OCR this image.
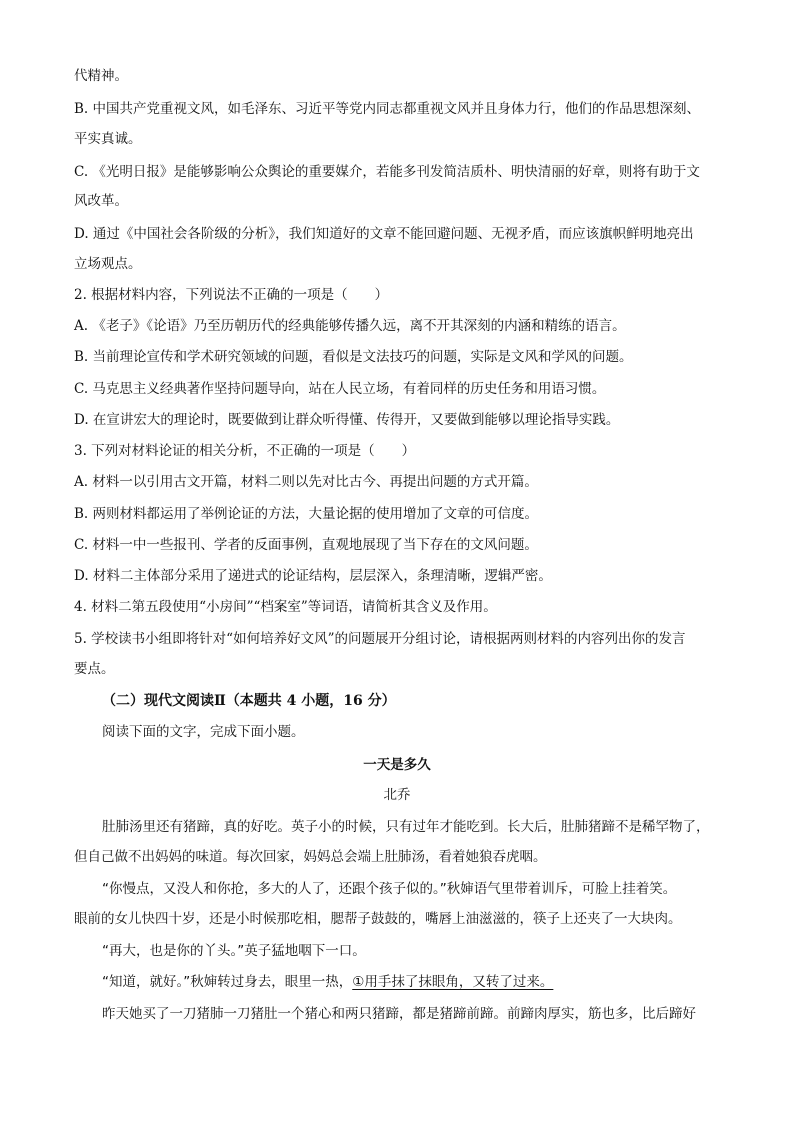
代精神。
B. 中国共产党重视文风，如毛泽东、习近平等党内同志都重视文风并且身体力行，他们的作品思想深刻、
平实真诚。
C. 《光明日报》是能够影响公众舆论的重要媒介，若能多刊发简洁质朴、明快清丽的好章，则将有助于文
风改革。
D. 通过《中国社会各阶级的分析》，我们知道好的文章不能回避问题、无视矛盾，而应该旗帜鲜明地亮出
立场观点。
2. 根据材料内容，下列说法不正确的一项是（　　）
A. 《老子》《论语》乃至历朝历代的经典能够传播久远，离不开其深刻的内涵和精练的语言。
B. 当前理论宣传和学术研究领域的问题，看似是文法技巧的问题，实际是文风和学风的问题。
C. 马克思主义经典著作坚持问题导向，站在人民立场，有着同样的历史任务和用语习惯。
D. 在宣讲宏大的理论时，既要做到让群众听得懂、传得开，又要做到能够以理论指导实践。
3. 下列对材料论证的相关分析，不正确的一项是（　　）
A. 材料一以引用古文开篇，材料二则以先对比古今、再提出问题的方式开篇。
B. 两则材料都运用了举例论证的方法，大量论据的使用增加了文章的可信度。
C. 材料一中一些报刊、学者的反面事例，直观地展现了当下存在的文风问题。
D. 材料二主体部分采用了递进式的论证结构，层层深入，条理清晰，逻辑严密。
4. 材料二第五段使用“小房间”“档案室”等词语，请简析其含义及作用。
5. 学校读书小组即将针对“如何培养好文风”的问题展开分组讨论，请根据两则材料的内容列出你的发言
要点。
（二）现代文阅读Ⅱ（本题共 4 小题，16 分）
阅读下面的文字，完成下面小题。
一天是多久
北乔
肚肺汤里还有猪蹄，真的好吃。英子小的时候，只有过年才能吃到。长大后，肚肺猪蹄不是稀罕物了，
但自己做不出妈妈的味道。每次回家，妈妈总会端上肚肺汤，看着她狼吞虎咽。
“你慢点，又没人和你抢，多大的人了，还跟个孩子似的。”秋婶语气里带着训斥，可脸上挂着笑。
眼前的女儿快四十岁，还是小时候那吃相，腮帮子鼓鼓的，嘴唇上油滋滋的，筷子上还夹了一大块肉。
“再大，也是你的丫头。”英子猛地咽下一口。
“知道，就好。”秋婶转过身去，眼里一热，①用手抹了抹眼角，又转了过来。
昨天她买了一刀猪肺一刀猪肚一个猪心和两只猪蹄，都是猪蹄前蹄。前蹄肉厚实，筋也多，比后蹄好
